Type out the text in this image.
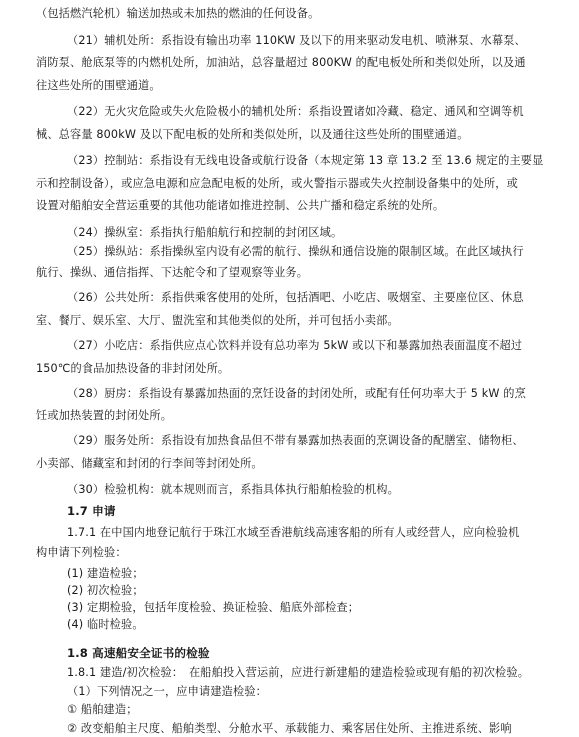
（包括燃汽轮机）输送加热或未加热的燃油的任何设备。
（21）辅机处所：系指设有输出功率 110KW 及以下的用来驱动发电机、喷淋泵、水幕泵、
消防泵、舱底泵等的内燃机处所，加油站，总容量超过 800KW 的配电板处所和类似处所，以及通
往这些处所的围壁通道。
（22）无火灾危险或失火危险极小的辅机处所：系指设置诸如冷藏、稳定、通风和空调等机
械、总容量 800kW 及以下配电板的处所和类似处所，以及通往这些处所的围壁通道。
（23）控制站：系指设有无线电设备或航行设备（本规定第 13 章 13.2 至 13.6 规定的主要显
示和控制设备），或应急电源和应急配电板的处所，或火警指示器或失火控制设备集中的处所，或
设置对船舶安全营运重要的其他功能诸如推进控制、公共广播和稳定系统的处所。
（24）操纵室：系指执行船舶航行和控制的封闭区域。
（25）操纵站：系指操纵室内设有必需的航行、操纵和通信设施的限制区域。在此区域执行
航行、操纵、通信指挥、下达舵令和了望观察等业务。
（26）公共处所：系指供乘客使用的处所，包括酒吧、小吃店、吸烟室、主要座位区、休息
室、餐厅、娱乐室、大厅、盥洗室和其他类似的处所，并可包括小卖部。
（27）小吃店：系指供应点心饮料并设有总功率为 5kW 或以下和暴露加热表面温度不超过
150℃的食品加热设备的非封闭处所。
（28）厨房：系指设有暴露加热面的烹饪设备的封闭处所，或配有任何功率大于 5 kW 的烹
饪或加热装置的封闭处所。
（29）服务处所：系指设有加热食品但不带有暴露加热表面的烹调设备的配膳室、储物柜、
小卖部、储藏室和封闭的行李间等封闭处所。
（30）检验机构：就本规则而言，系指具体执行船舶检验的机构。
1.7 申请
1.7.1 在中国内地登记航行于珠江水域至香港航线高速客船的所有人或经营人，应向检验机
构申请下列检验：
(1) 建造检验；
(2) 初次检验；
(3) 定期检验，包括年度检验、换证检验、船底外部检查；
(4) 临时检验。
1.8 高速船安全证书的检验
1.8.1 建造/初次检验：　在船舶投入营运前，应进行新建船的建造检验或现有船的初次检验。
（1）下列情况之一，应申请建造检验：
① 船舶建造；
② 改变船舶主尺度、船舶类型、分舱水平、承载能力、乘客居住处所、主推进系统、影响
